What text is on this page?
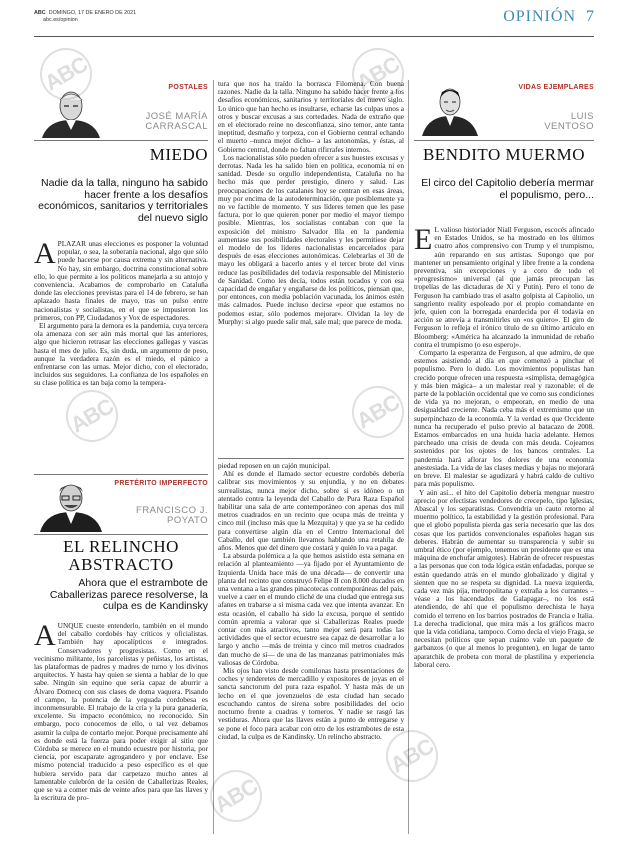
ABC DOMINGO, 17 DE ENERO DE 2021
abc.es/opinion	OPINIÓN 7
POSTALES
JOSÉ MARÍA
CARRASCAL
MIEDO
Nadie da la talla, ninguno ha sabido hacer frente a los desafíos económicos, sanitarios y territoriales del nuevo siglo

APLAZAR unas elecciones es posponer la voluntad popular, o sea, la soberanía nacional, algo que sólo puede hacerse por causa extrema y sin alternativa. No hay, sin embargo, doctrina constitucional sobre ello, lo que permite a los políticos manejarla a su antojo y conveniencia. Acabamos de comprobarlo en Cataluña donde las elecciones previstas para el 14 de febrero, se han aplazado hasta finales de mayo, tras un pulso entre nacionalistas y socialistas, en el que se impusieron los primeros, con PP, Ciudadanos y Vox de espectadores.

El argumento para la demora es la pandemia, cuya tercera ola amenaza con ser aún más mortal que las anteriores, algo que hicieron retrasar las elecciones gallegas y vascas hasta el mes de julio. Es, sin duda, un argumento de peso, aunque la verdadera razón es el miedo, el pánico a enfrentarse con las urnas. Mejor dicho, con el electorado, incluidos sus seguidores. La confianza de los españoles en su clase política es tan baja como la tempera-

PRETÉRITO IMPERFECTO
FRANCISCO J.
POYATO
EL RELINCHO ABSTRACTO
Ahora que el estrambote de Caballerizas parece resolverse, la culpa es de Kandinsky

AUNQUE cueste entenderlo, también en el mundo del caballo cordobés hay críticos y oficialistas. También hay apocalípticos e integrados. Conservadores y progresistas. Como en el vecinismo militante, los parcelistas y peñistas, los artistas, las plataformas de padres y madres de turno y los divinos arquitectos. Y hasta hay quien se sienta a hablar de lo que sabe. Ningún sin equino que sería capaz de aburrir a Álvaro Domecq con sus clases de doma vaquera. Pisando el campo, la potencia de la yeguada cordobesa es inconmensurable. El trabajo de la cría y la pura ganadería, excelente. Su impacto económico, no reconocido. Sin embargo, poco conocemos de ello, o tal vez debamos asumir la culpa de contarlo mejor. Porque precisamente ahí es donde está la fuerza para poder exigir al sitio que Córdoba se merece en el mundo ecuestre por historia, por ciencia, por escaparate agrogandero y por enclave. Ese mismo potencial traducido a peso específico es el que hubiera servido para dar carpetazo mucho antes al lamentable culebrón de la cesión de Caballerizas Reales, que se va a comer más de veinte años para que las llaves y la escritura de pro-

tura que nos ha traído la borrasca Filomena. Con buena razones. Nadie da la talla. Ninguno ha sabido hacer frente a los desafíos económicos, sanitarios y territoriales del nuevo siglo. Lo único que han hecho es insultarse, echarse las culpas unos a otros y buscar excusas a sus cortedades. Nada de extraño que en el electorado reine no desconfianza, sino temor, ante tanta ineptitud, desmaño y torpeza, con el Gobierno central echando el muerto –nunca mejor dicho– a las autonomías, y éstas, al Gobierno central, donde no faltan rifirrafes internos.

Los nacionalistas sólo pueden ofrecer a sus huestes excusas y derrotas. Nada les ha salido bien en política, economía ni en sanidad. Desde su orgullo independentista, Cataluña no ha hecho más que perder prestigio, dinero y salud. Las preocupaciones de los catalanes hoy se centran en esas áreas, muy por encima de la autodeterminación, que posiblemente ya no ve factible de momento. Y sus líderes temen que les pase factura, por lo que quieren poner por medio el mayor tiempo posible. Mientras, los socialistas contaban con que la exposición del ministro Salvador Illa en la pandemia aumentase sus posibilidades electorales y les permitiese dejar el modelo de los líderes nacionalistas encarcelados para después de esas elecciones autonómicas. Celebrarlas el 30 de mayo les obligará a hacerlo antes y el tercer brote del virus reduce las posibilidades del todavía responsable del Ministerio de Sanidad. Como les decía, todos están tocados y con esa capacidad de engañar y engañarse de los políticos, piensan que, por entonces, con media población vacunada, los ánimos estén más calmados. Puede incluso decirse «peor que estamos no podemos estar, sólo podemos mejorar». Olvidan la ley de Murphy: si algo puede salir mal, sale mal; que parece de moda.

piedad reposen en un cajón municipal.

Ahí es donde el llamado sector ecuestre cordobés debería calibrar sus movimientos y su enjundia, y no en debates surrealistas, nunca mejor dicho, sobre si es idóneo o un atentado contra la leyenda del Caballo de Pura Raza Español habilitar una sala de arte contemporáneo con apenas dos mil metros cuadrados en un recinto que ocupa más de treinta y cinco mil (incluso más que la Mezquita) y que ya se ha cedido para convertirse algún día en el Centro Internacional del Caballo, del que también llevamos hablando una retahíla de años. Menos que del dinero que costará y quién lo va a pagar.

La absurda polémica a la que hemos asistido esta semana en relación al planteamiento —ya fijado por el Ayuntamiento de Izquierda Unida hace más de una década— de convertir una planta del recinto que construyó Felipe II con 8.000 ducados en una ventana a las grandes pinacotecas contemporáneas del país, vuelve a caer en el mundo cliché de una ciudad que entrega sus afanes en trabarse a sí misma cada vez que intenta avanzar. En esta ocasión, el caballo ha sido la excusa, porque el sentido común apremia a valorar que si Caballerizas Reales puede contar con más atractivos, tanto mejor será para todas las actividades que el sector ecuestre sea capaz de desarrollar a lo largo y ancho —más de treinta y cinco mil metros cuadrados dan mucho de sí— de una de las manzanas patrimoniales más valiosas de Córdoba.

Mis ojos han visto desde comilonas hasta presentaciones de coches y tenderetes de mercadillo y expositores de joyas en el sancta sanctorum del pura raza español. Y hasta más de un lecho en el que jovenzuelos de esta ciudad han secado escuchando cantos de sirena sobre posibilidades del ocio nocturno frente a cuadras y torneros. Y nadie se rasgó las vestiduras. Ahora que las llaves están a punto de entregarse y se pone el foco para acabar con otro de los estrambotes de esta ciudad, la culpa es de Kandinsky. Un relincho abstracto.

VIDAS EJEMPLARES
LUIS
VENTOSO
BENDITO MUERMO
El circo del Capitolio debería mermar el populismo, pero...

E L valioso historiador Niall Ferguson, escocés afincado en Estados Unidos, se ha mostrado en los últimos cuatro años comprensivo con Trump y el trumpismo, aún reparando en sus artistas. Supongo que por mantener un pensamiento original y libre frente a la condena preventiva, sin excepciones y a coro de todo el «progresismo» universal (al que jamás preocupan las tropelías de las dictaduras de Xi y Putin). Pero el tono de Ferguson ha cambiado tras el asalto golpista al Capitolio, un sangriento reality espoleado por el propio comandante en jefe, quien con la borregada enardecida por él todavía en acción se atrevía a transmitirles un «os quiero». El giro de Ferguson lo refleja el irónico título de su último artículo en Bloomberg: «América ha alcanzado la inmunidad de rebaño contra el trumpismo (o eso espero)».

Comparto la esperanza de Ferguson, al que admiro, de que estemos asistiendo al día en que comenzó a pinchar el populismo. Pero lo dudo. Los movimientos populistas han crecido porque ofrecen una respuesta «simplista, demagógica y más bien mágica– a un malestar real y razonable: el de parte de la población occidental que ve como sus condiciones de vida ya no mejoran, o empeoran, en medio de una desigualdad creciente. Nada ceba más el extremismo que un superpinchazo de la economía. Y la verdad es que Occidente nunca ha recuperado el pulso previo al batacazo de 2008. Estamos embarcados en una huida hacia adelante. Hemos parcheado una crisis de deuda con más deuda. Cojeamos sostenidos por los ojotes de los bancos centrales. La pandemia hará aflorar los dolores de una economía anestesiada. La vida de las clases medias y bajas no mejorará en breve. El malestar se agudizará y habrá caldo de cultivo para más populismo.

Y aún así... el hito del Capitolio debería menguar nuestro aprecio por efectistas vendedores de crecepelo, tipo Iglesias, Abascal y los separatistas. Convendría un cauto retorno al muermo político, la estabilidad y la gestión profesional. Para que el globo populista pierda gas sería necesario que las dos cosas que los partidos convencionales españoles hagan sus deberes. Habrán de aumentar su transparencia y subir su umbral ético (por ejemplo, tenemos un presidente que es una máquina de enchufar amigotes). Habrán de ofrecer respuestas a las personas que con toda lógica están enfadadas, porque se están quedando atrás en el mundo globalizado y digital y sienten que no se respeta su dignidad. La nueva izquierda, cada vez más pija, metropolitana y extraña a los currantes –véase a los hacendados de Galapagar–, no los está atendiendo, de ahí que el populismo derechista le haya comido el terreno en los barrios postrados de Francia e Italia. La derecha tradicional, que mira más a los gráficos macro que la vida cotidiana, tampoco. Como decía el viejo Fraga, se necesitan políticos que sepan cuánto vale un paquete de garbanzos (o que al menos lo pregunten), en lugar de tanto aparatchik de probeta con moral de plastilina y experiencia laboral cero.

ABC	ABC
ABC	ABC
ABC
ABC
